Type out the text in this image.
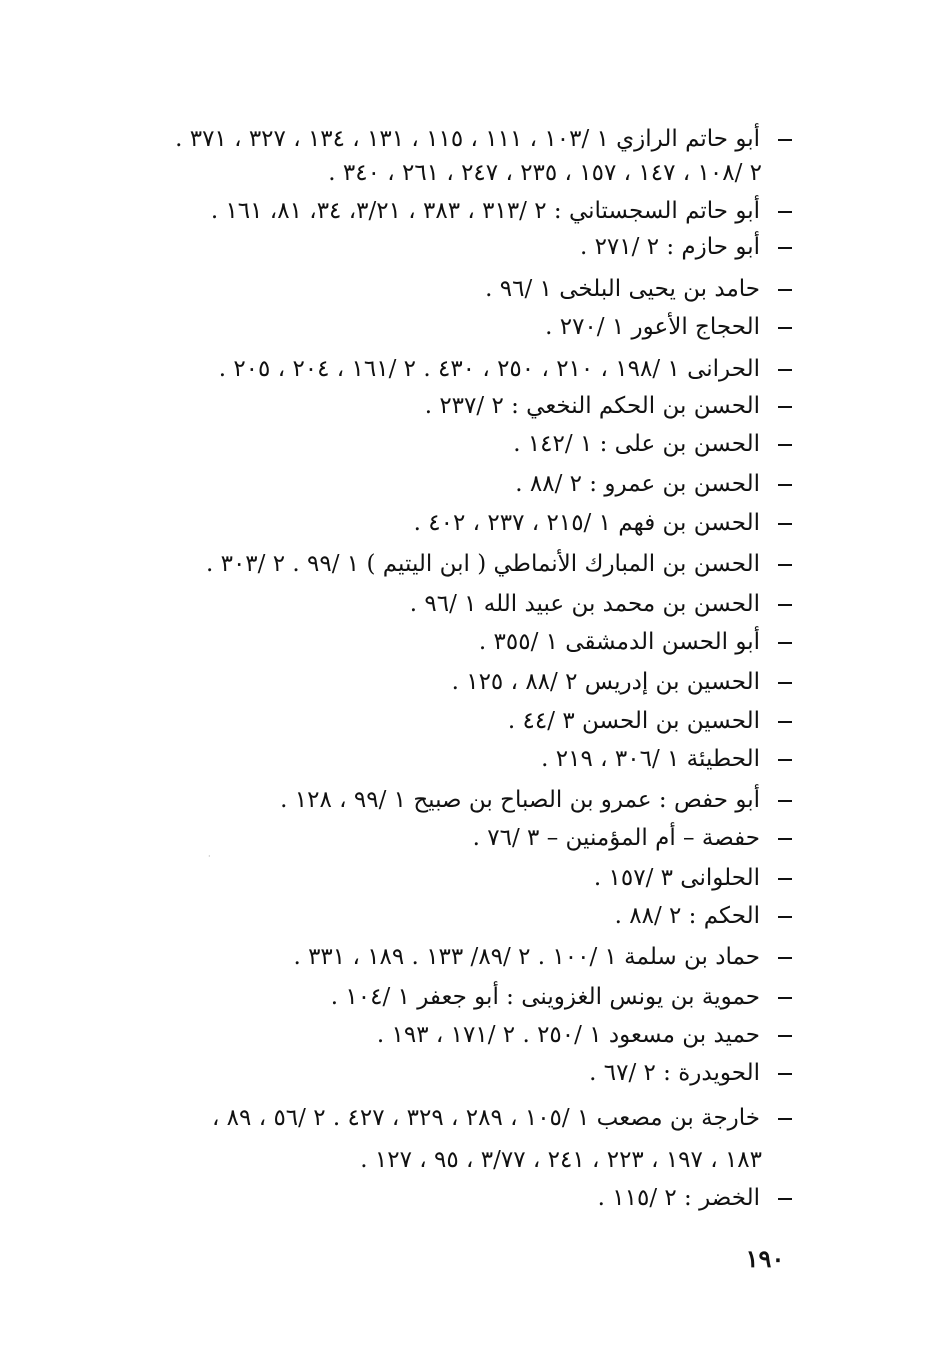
أبو حاتم الرازي ١ /١٠٣ ، ١١١ ، ١١٥ ، ١٣١ ، ١٣٤ ، ٣٢٧ ، ٣٧١ .
٢ /١٠٨ ، ١٤٧ ، ١٥٧ ، ٢٣٥ ، ٢٤٧ ، ٢٦١ ، ٣٤٠ .
أبو حاتم السجستاني : ٢ /٣١٣ ، ٣٨٣ ، ٣/٢١، ٣٤، ٨١، ١٦١ .
أبو حازم : ٢ /٢٧١ .
حامد بن يحيى البلخى ١ /٩٦ .
الحجاج الأعور ١ /٢٧٠ .
الحرانى ١ /١٩٨ ، ٢١٠ ، ٢٥٠ ، ٤٣٠ . ٢ /١٦١ ، ٢٠٤ ، ٢٠٥ .
الحسن بن الحكم النخعي : ٢ /٢٣٧ .
الحسن بن على : ١ /١٤٢ .
الحسن بن عمرو : ٢ /٨٨ .
الحسن بن فهم ١ /٢١٥ ، ٢٣٧ ، ٤٠٢ .
الحسن بن المبارك الأنماطي ( ابن اليتيم ) ١ /٩٩ . ٢ /٣٠٣ .
الحسن بن محمد بن عبيد الله ١ /٩٦ .
أبو الحسن الدمشقى ١ /٣٥٥ .
الحسين بن إدريس ٢ /٨٨ ، ١٢٥ .
الحسين بن الحسن ٣ /٤٤ .
الحطيئة ١ /٣٠٦ ، ٢١٩ .
أبو حفص : عمرو بن الصباح بن صبيح ١ /٩٩ ، ١٢٨ .
حفصة – أم المؤمنين – ٣ /٧٦ .
الحلوانى ٣ /١٥٧ .
الحكم : ٢ /٨٨ .
حماد بن سلمة ١ /١٠٠ . ٢ /٨٩/ ١٣٣ . ١٨٩ ، ٣٣١ .
حموية بن يونس الغزوينى : أبو جعفر ١ /١٠٤ .
حميد بن مسعود ١ /٢٥٠ . ٢ /١٧١ ، ١٩٣ .
الحويدرة : ٢ /٦٧ .
خارجة بن مصعب ١ /١٠٥ ، ٢٨٩ ، ٣٢٩ ، ٤٢٧ . ٢ /٥٦ ، ٨٩ ،
١٨٣ ، ١٩٧ ، ٢٢٣ ، ٢٤١ ، ٣/٧٧ ، ٩٥ ، ١٢٧ .
الخضر : ٢ /١١٥ .
١٩٠
·
